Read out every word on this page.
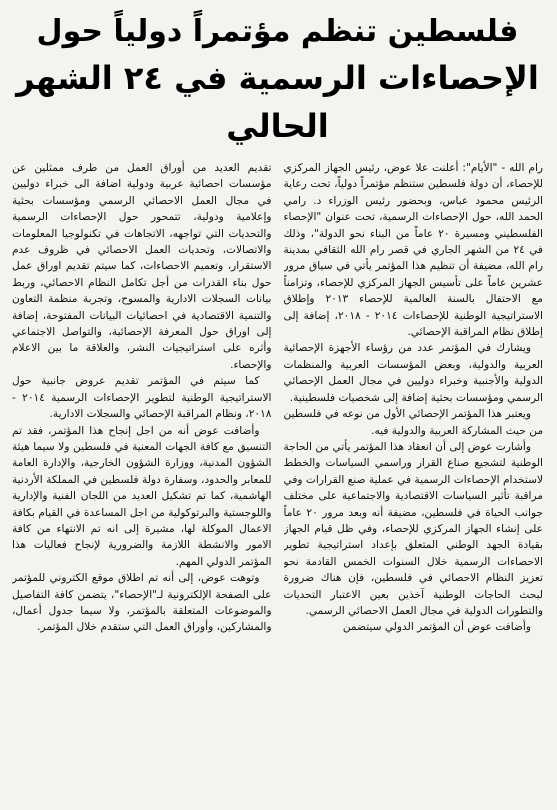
فلسطين تنظم مؤتمراً دولياً حول
الإحصاءات الرسمية في ٢٤ الشهر الحالي

رام الله - "الأيام": أعلنت علا عوض، رئيس الجهاز المركزي للإحصاء، أن دولة فلسطين ستنظم مؤتمراً دولياً، تحت رعاية الرئيس محمود عباس، وبحضور رئيس الوزراء د. رامي الحمد الله، حول الإحصاءات الرسمية، تحت عنوان "الإحصاء الفلسطيني ومسيرة ٢٠ عاماً من البناء نحو الدولة"، وذلك في ٢٤ من الشهر الجاري في قصر رام الله الثقافي بمدينة رام الله، مضيفة أن تنظيم هذا المؤتمر يأتي في سياق مرور عشرين عاماً على تأسيس الجهاز المركزي للإحصاء، وتزامناً مع الاحتفال بالسنة العالمية للإحصاء ٢٠١٣ وإطلاق الاستراتيجية الوطنية للإحصاءات ٢٠١٤ - ٢٠١٨، إضافة إلى إطلاق نظام المراقبة الإحصائي.

ويشارك في المؤتمر عدد من رؤساء الأجهزة الإحصائية العربية والدولية، وبعض المؤسسات العربية والمنظمات الدولية والأجنبية وخبراء دوليين في مجال العمل الإحصائي الرسمي ومؤسسات بحثية إضافة إلى شخصيات فلسطينية.

ويعتبر هذا المؤتمر الإحصائي الأول من نوعه في فلسطين من حيث المشاركة العربية والدولية فيه.

وأشارت عوض إلى أن انعقاد هذا المؤتمر يأتي من الحاجة الوطنية لتشجيع صناع القرار وراسمي السياسات والخطط لاستخدام الإحصاءات الرسمية في عملية صنع القرارات وفي مراقبة تأثير السياسات الاقتصادية والاجتماعية على مختلف جوانب الحياة في فلسطين، مضيفة أنه وبعد مرور ٢٠ عاماً على إنشاء الجهاز المركزي للإحصاء، وفي ظل قيام الجهاز بقيادة الجهد الوطني المتعلق بإعداد استراتيجية تطوير الاحصاءات الرسمية خلال السنوات الخمس القادمة نحو تعزيز النظام الاحصائي في فلسطين، فإن هناك ضرورة لبحث الحاجات الوطنية آخذين بعين الاعتبار التحديات والتطورات الدولية في مجال العمل الاحصائي الرسمي.

وأضافت عوض أن المؤتمر الدولي سيتضمن

تقديم العديد من أوراق العمل من طرف ممثلين عن مؤسسات احصائية عربية ودولية اضافة الى خبراء دوليين في مجال العمل الاحصائي الرسمي ومؤسسات بحثية وإعلامية ودولية، تتمحور حول الإحصاءات الرسمية والتحديات التي تواجهه، الاتجاهات في تكنولوجيا المعلومات والاتصالات، وتحديات العمل الاحصائي في ظروف عدم الاستقرار، وتعميم الاحصاءات، كما سيتم تقديم اوراق عمل حول بناء القدرات من أجل تكامل النظام الاحصائي، وربط بيانات السجلات الادارية والمسوح، وتجربة منظمة التعاون والتنمية الاقتصادية في احصائيات البيانات المفتوحة، إضافة إلى اوراق حول المعرفة الإحصائية، والتواصل الاجتماعي وأثره على استراتيجيات النشر، والعلاقة ما بين الاعلام والإحصاء.

كما سيتم في المؤتمر تقديم عروض جانبية حول الاستراتيجية الوطنية لتطوير الإحصاءات الرسمية ٢٠١٤ - ٢٠١٨، ونظام المراقبة الإحصائي والسجلات الادارية.

وأضافت عوض أنه من اجل إنجاح هذا المؤتمر، فقد تم التنسيق مع كافة الجهات المعنية في فلسطين ولا سيما هيئة الشؤون المدنية، ووزارة الشؤون الخارجية، والإدارة العامة للمعابر والحدود، وسفارة دولة فلسطين في المملكة الأردنية الهاشمية، كما تم تشكيل العديد من اللجان الفنية والإدارية واللوجستية والبرتوكولية من اجل المساعدة في القيام بكافة الاعمال الموكلة لها، مشيرة إلى انه تم الانتهاء من كافة الامور والانشطة اللازمة والضرورية لإنجاح فعاليات هذا المؤتمر الدولي المهم.

وتوهت عوض، إلى أنه تم اطلاق موقع الكتروني للمؤتمر على الصفحة الإلكترونية لـ"الإحصاء"، يتضمن كافة التفاصيل والموضوعات المتعلقة بالمؤتمر، ولا سيما جدول أعمال، والمشاركين، وأوراق العمل التي ستقدم خلال المؤتمر.
